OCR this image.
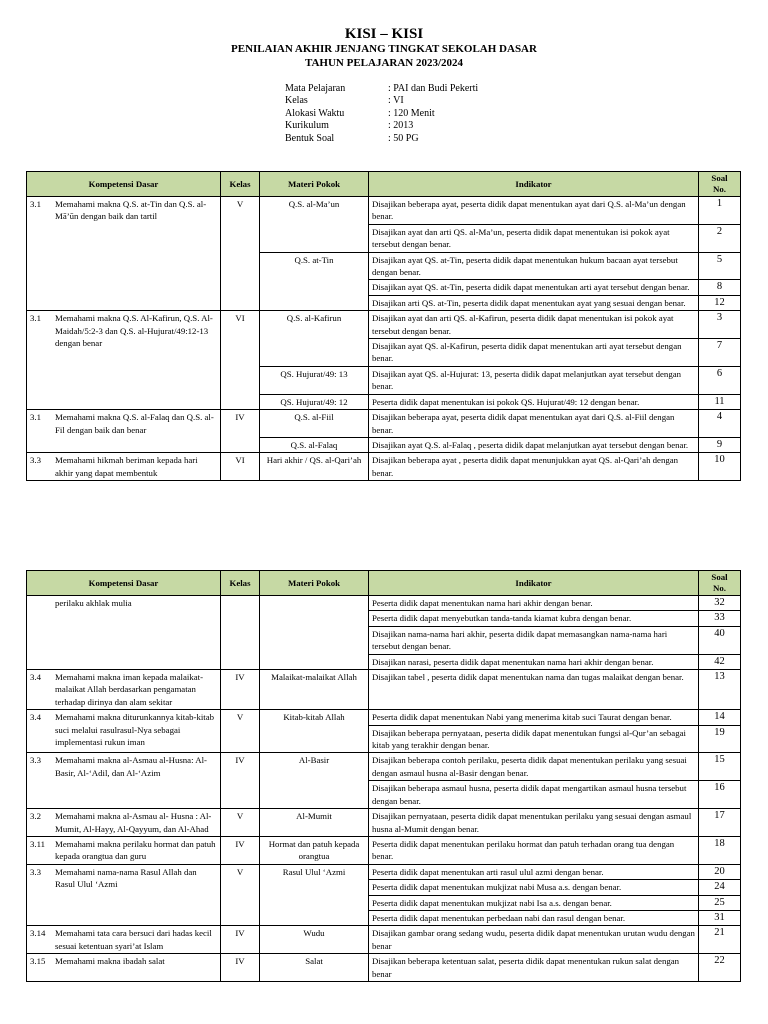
KISI – KISI
PENILAIAN AKHIR JENJANG TINGKAT SEKOLAH DASAR
TAHUN PELAJARAN 2023/2024
Mata Pelajaran	: PAI dan Budi Pekerti
Kelas	: VI
Alokasi Waktu	: 120 Menit
Kurikulum	: 2013
Bentuk Soal	: 50 PG
Kompetensi Dasar	Kelas	Materi Pokok	Indikator	Soal
No.

3.1 Memahami makna Q.S. at-Tin dan Q.S. al-Mā’ūn dengan baik dan tartil	V	Q.S. al-Ma’un	Disajikan beberapa ayat, peserta didik dapat menentukan ayat dari Q.S. al-Ma’un dengan benar.	1
			Disajikan ayat dan arti QS. al-Ma’un, peserta didik dapat menentukan isi pokok ayat tersebut dengan benar.	2
		Q.S. at-Tin	Disajikan ayat QS. at-Tin, peserta didik dapat menentukan hukum bacaan ayat tersebut dengan benar.	5
			Disajikan ayat QS. at-Tin, peserta didik dapat menentukan arti ayat tersebut dengan benar.	8
			Disajikan arti QS. at-Tin, peserta didik dapat menentukan ayat yang sesuai dengan benar.	12

3.1 Memahami makna Q.S. Al-Kafirun, Q.S. Al-Maidah/5:2-3 dan Q.S. al-Hujurat/49:12-13 dengan benar	VI	Q.S. al-Kafirun	Disajikan ayat dan arti QS. al-Kafirun, peserta didik dapat menentukan isi pokok ayat tersebut dengan benar.	3
			Disajikan ayat QS. al-Kafirun, peserta didik dapat menentukan arti ayat tersebut dengan benar.	7
		QS. Hujurat/49: 13	Disajikan ayat QS. al-Hujurat: 13, peserta didik dapat melanjutkan ayat tersebut dengan benar.	6
		QS. Hujurat/49: 12	Peserta didik dapat menentukan isi pokok QS. Hujurat/49: 12 dengan benar.	11

3.1 Memahami makna Q.S. al-Falaq dan Q.S. al-Fil dengan baik dan benar	IV	Q.S. al-Fiil	Disajikan beberapa ayat, peserta didik dapat menentukan ayat dari Q.S. al-Fiil dengan benar.	4
		Q.S. al-Falaq	Disajikan ayat Q.S. al-Falaq , peserta didik dapat melanjutkan ayat tersebut dengan benar.	9

3.3 Memahami hikmah beriman kepada hari akhir yang dapat membentuk	VI	Hari akhir / QS. al-Qari’ah	Disajikan beberapa ayat , peserta didik dapat menunjukkan ayat QS. al-Qari’ah dengan benar.	10
Kompetensi Dasar	Kelas	Materi Pokok	Indikator	Soal
No.

perilaku akhlak mulia			Peserta didik dapat menentukan nama hari akhir dengan benar.	32
			Peserta didik dapat menyebutkan tanda-tanda kiamat kubra dengan benar.	33
			Disajikan nama-nama hari akhir, peserta didik dapat memasangkan nama-nama hari tersebut dengan benar.	40
			Disajikan narasi, peserta didik dapat menentukan nama hari akhir dengan benar.	42

3.4 Memahami makna iman kepada malaikat-malaikat Allah berdasarkan pengamatan terhadap dirinya dan alam sekitar	IV	Malaikat-malaikat Allah	Disajikan tabel , peserta didik dapat menentukan nama dan tugas malaikat dengan benar.	13

3.4 Memahami makna diturunkannya kitab-kitab suci melalui rasulrasul-Nya sebagai implementasi rukun iman	V	Kitab-kitab Allah	Peserta didik dapat menentukan Nabi yang menerima kitab suci Taurat dengan benar.	14
			Disajikan beberapa pernyataan, peserta didik dapat menentukan fungsi al-Qur’an sebagai kitab yang terakhir dengan benar.	19

3.3 Memahami makna al-Asmau al-Husna: Al-Basir, Al-‘Adil, dan Al-‘Azim	IV	Al-Basir	Disajikan beberapa contoh perilaku, peserta didik dapat menentukan perilaku yang sesuai dengan asmaul husna al-Basir dengan benar.	15
			Disajikan beberapa asmaul husna, peserta didik dapat mengartikan asmaul husna tersebut dengan benar.	16

3.2 Memahami makna al-Asmau al- Husna : Al-Mumit, Al-Hayy, Al-Qayyum, dan Al-Ahad	V	Al-Mumit	Disajikan pernyataan, peserta didik dapat menentukan perilaku yang sesuai dengan asmaul husna al-Mumit dengan benar.	17

3.11 Memahami makna perilaku hormat dan patuh kepada orangtua dan guru	IV	Hormat dan patuh kepada orangtua	Peserta didik dapat menentukan perilaku hormat dan patuh terhadan orang tua dengan benar.	18

3.3 Memahami nama-nama Rasul Allah dan Rasul Ulul ‘Azmi	V	Rasul Ulul ‘Azmi	Peserta didik dapat menentukan arti rasul ulul azmi dengan benar.	20
			Peserta didik dapat menentukan mukjizat nabi Musa a.s. dengan benar.	24
			Peserta didik dapat menentukan mukjizat nabi Isa a.s. dengan benar.	25
			Peserta didik dapat menentukan perbedaan nabi dan rasul dengan benar.	31

3.14 Memahami tata cara bersuci dari hadas kecil sesuai ketentuan syari’at Islam	IV	Wudu	Disajikan gambar orang sedang wudu, peserta didik dapat menentukan urutan wudu dengan benar	21

3.15 Memahami makna ibadah salat	IV	Salat	Disajikan beberapa ketentuan salat, peserta didik dapat menentukan rukun salat dengan benar	22
